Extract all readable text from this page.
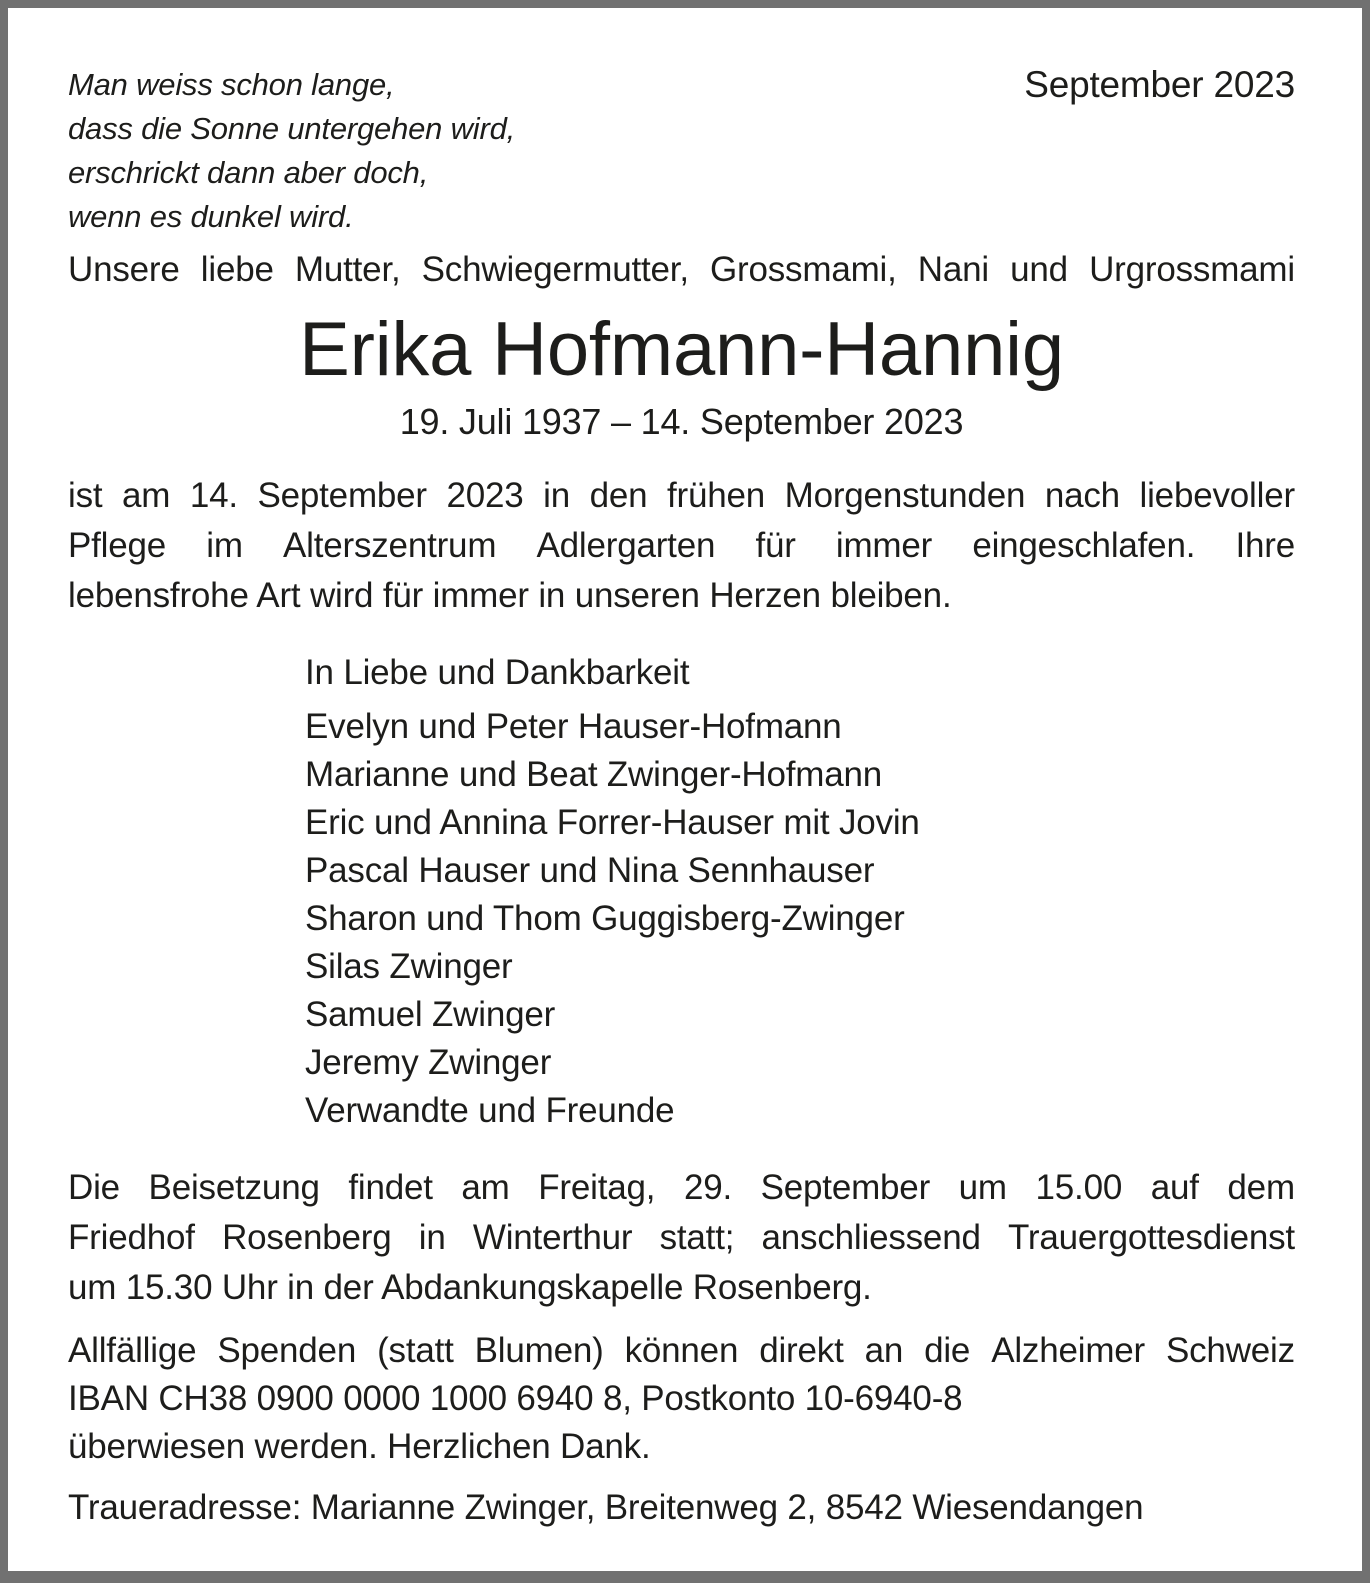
Man weiss schon lange,
dass die Sonne untergehen wird,
erschrickt dann aber doch,
wenn es dunkel wird.
September 2023
Unsere liebe Mutter, Schwiegermutter, Grossmami, Nani und Urgrossmami
Erika Hofmann-Hannig
19. Juli 1937 – 14. September 2023
ist am 14. September 2023 in den frühen Morgenstunden nach liebevoller
Pflege im Alterszentrum Adlergarten für immer eingeschlafen. Ihre
lebensfrohe Art wird für immer in unseren Herzen bleiben.
In Liebe und Dankbarkeit
Evelyn und Peter Hauser-Hofmann
Marianne und Beat Zwinger-Hofmann
Eric und Annina Forrer-Hauser mit Jovin
Pascal Hauser und Nina Sennhauser
Sharon und Thom Guggisberg-Zwinger
Silas Zwinger
Samuel Zwinger
Jeremy Zwinger
Verwandte und Freunde
Die Beisetzung findet am Freitag, 29. September um 15.00 auf dem
Friedhof Rosenberg in Winterthur statt; anschliessend Trauergottesdienst
um 15.30 Uhr in der Abdankungskapelle Rosenberg.
Allfällige Spenden (statt Blumen) können direkt an die Alzheimer Schweiz
IBAN CH38 0900 0000 1000 6940 8, Postkonto 10-6940-8
überwiesen werden. Herzlichen Dank.
Traueradresse: Marianne Zwinger, Breitenweg 2, 8542 Wiesendangen
